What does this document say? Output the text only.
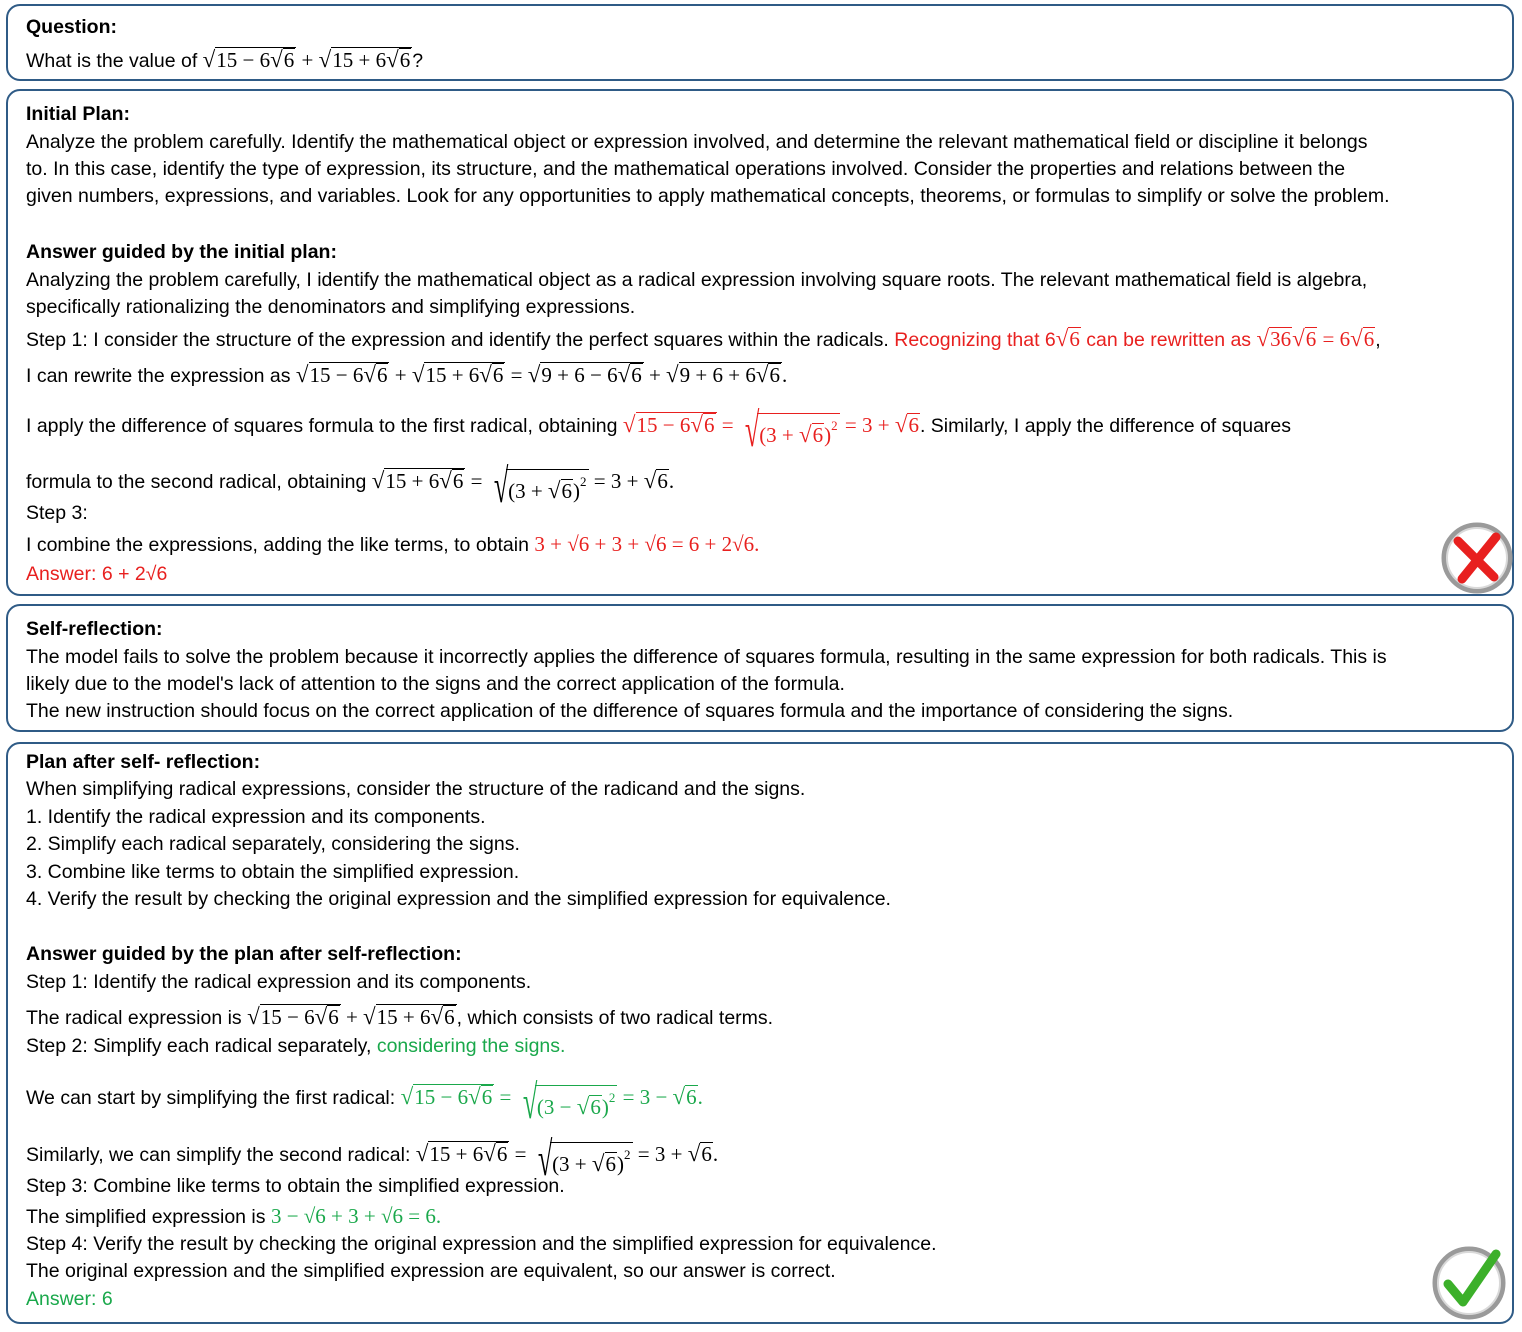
Question:
What is the value of √15 − 6√6 + √15 + 6√6 ?
Initial Plan:
Analyze the problem carefully. Identify the mathematical object or expression involved, and determine the relevant mathematical field or discipline it belongs
to. In this case, identify the type of expression, its structure, and the mathematical operations involved. Consider the properties and relations between the
given numbers, expressions, and variables. Look for any opportunities to apply mathematical concepts, theorems, or formulas to simplify or solve the problem.
Answer guided by the initial plan:
Analyzing the problem carefully, I identify the mathematical object as a radical expression involving square roots. The relevant mathematical field is algebra,
specifically rationalizing the denominators and simplifying expressions.
Step 1: I consider the structure of the expression and identify the perfect squares within the radicals. Recognizing that 6√6 can be rewritten as √36√6 = 6√6,
I can rewrite the expression as √15 − 6√6 + √15 + 6√6 = √9 + 6 − 6√6 + √9 + 6 + 6√6.
I apply the difference of squares formula to the first radical, obtaining √15 − 6√6 = √ $(3 + √6)^2 = 3 + √6$. Similarly, I apply the difference of squares
formula to the second radical, obtaining √15 + 6√6 = √ $(3 + √6)^2 = 3 + √6$.
Step 3:
I combine the expressions, adding the like terms, to obtain 3 + √6 + 3 + √6 = 6 + 2√6.
Answer: 6 + 2√6
Self-reflection:
The model fails to solve the problem because it incorrectly applies the difference of squares formula, resulting in the same expression for both radicals. This is
likely due to the model's lack of attention to the signs and the correct application of the formula.
The new instruction should focus on the correct application of the difference of squares formula and the importance of considering the signs.
Plan after self- reflection:
When simplifying radical expressions, consider the structure of the radicand and the signs.
1. Identify the radical expression and its components.
2. Simplify each radical separately, considering the signs.
3. Combine like terms to obtain the simplified expression.
4. Verify the result by checking the original expression and the simplified expression for equivalence.
Answer guided by the plan after self-reflection:
Step 1: Identify the radical expression and its components.
The radical expression is √15 − 6√6 + √15 + 6√6 , which consists of two radical terms.
Step 2: Simplify each radical separately, considering the signs.
We can start by simplifying the first radical: √15 − 6√6 = √ $(3 - √6)^2 = 3 - √6$.
Similarly, we can simplify the second radical: √15 + 6√6 = √ $(3 + √6)^2 = 3 + √6$.
Step 3: Combine like terms to obtain the simplified expression.
The simplified expression is 3 − √6 + 3 + √6 = 6.
Step 4: Verify the result by checking the original expression and the simplified expression for equivalence.
The original expression and the simplified expression are equivalent, so our answer is correct.
Answer: 6
